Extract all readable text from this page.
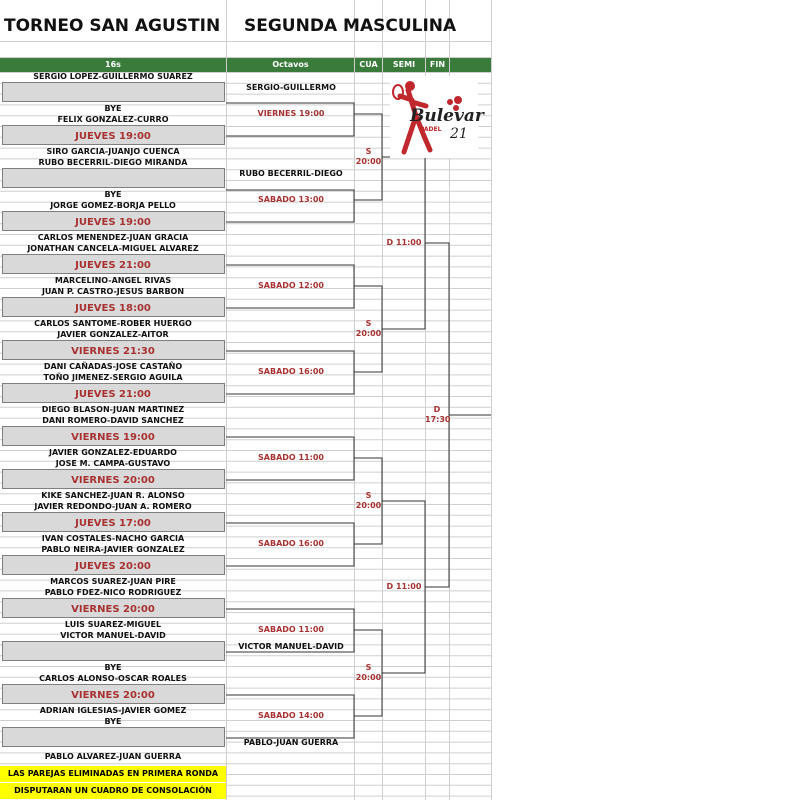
TORNEO SAN AGUSTIN SEGUNDA MASCULINA
16s	Octavos	CUA	SEMI	FIN
Bulevar
PADEL 21
SERGIO LOPEZ-GUILLERMO SUAREZ
BYE
FELIX GONZALEZ-CURRO
JUEVES 19:00
SIRO GARCIA-JUANJO CUENCA
RUBO BECERRIL-DIEGO MIRANDA
BYE
JORGE GOMEZ-BORJA PELLO
JUEVES 19:00
CARLOS MENENDEZ-JUAN GRACIA
JONATHAN CANCELA-MIGUEL ALVAREZ
JUEVES 21:00
MARCELINO-ANGEL RIVAS
JUAN P. CASTRO-JESUS BARBON
JUEVES 18:00
CARLOS SANTOME-ROBER HUERGO
JAVIER GONZALEZ-AITOR
VIERNES 21:30
DANI CAÑADAS-JOSE CASTAÑO
TOÑO JIMENEZ-SERGIO AGUILA
JUEVES 21:00
DIEGO BLASON-JUAN MARTINEZ
DANI ROMERO-DAVID SANCHEZ
VIERNES 19:00
JAVIER GONZALEZ-EDUARDO
JOSE M. CAMPA-GUSTAVO
VIERNES 20:00
KIKE SANCHEZ-JUAN R. ALONSO
JAVIER REDONDO-JUAN A. ROMERO
JUEVES 17:00
IVAN COSTALES-NACHO GARCIA
PABLO NEIRA-JAVIER GONZALEZ
JUEVES 20:00
MARCOS SUAREZ-JUAN PIRE
PABLO FDEZ-NICO RODRIGUEZ
VIERNES 20:00
LUIS SUAREZ-MIGUEL
VICTOR MANUEL-DAVID
BYE
CARLOS ALONSO-OSCAR ROALES
VIERNES 20:00
ADRIAN IGLESIAS-JAVIER GOMEZ
BYE
PABLO ALVAREZ-JUAN GUERRA
SERGIO-GUILLERMO
VIERNES 19:00
RUBO BECERRIL-DIEGO
SABADO 13:00
SABADO 12:00
SABADO 16:00
SABADO 11:00
SABADO 16:00
SABADO 11:00
VICTOR MANUEL-DAVID
SABADO 14:00
PABLO-JUAN GUERRA
S
20:00
S
20:00
S
20:00
S
20:00
D 11:00
D 11:00
D
17:30
LAS PAREJAS ELIMINADAS EN PRIMERA RONDA
DISPUTARAN UN CUADRO DE CONSOLACIÓN
